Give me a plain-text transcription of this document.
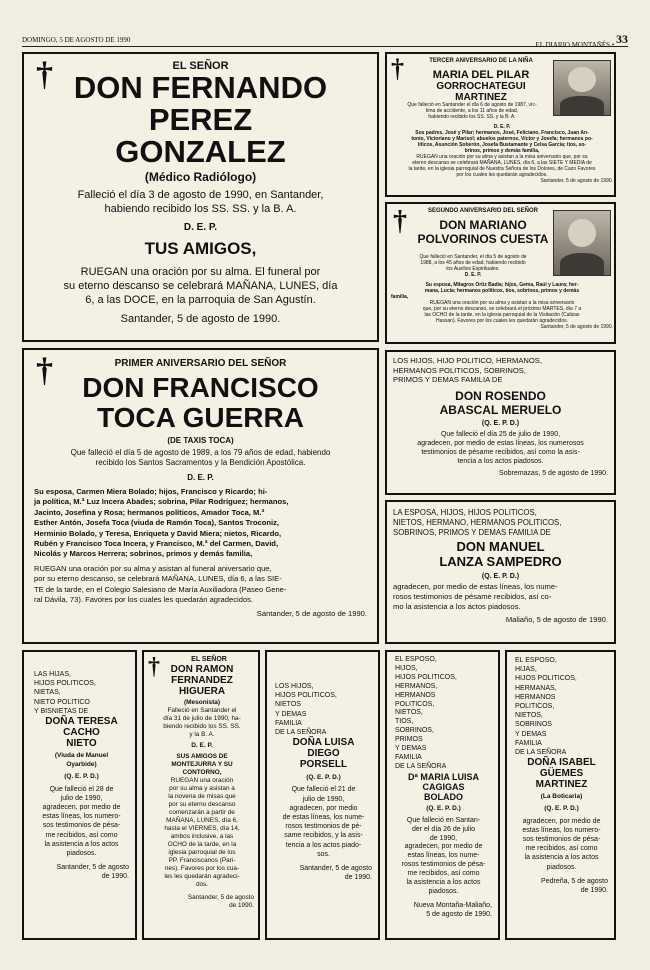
DOMINGO, 5 DE AGOSTO DE 1990
EL DIARIO MONTAÑÉS • 33
†	EL SEÑOR

DON FERNANDO

PEREZ

GONZALEZ

(Médico Radiólogo)

Falleció el día 3 de agosto de 1990, en Santander,

habiendo recibido los SS. SS. y la B. A.

D. E. P.

TUS AMIGOS,

RUEGAN una oración por su alma. El funeral por

su eterno descanso se celebrará MAÑANA, LUNES, día

6, a las DOCE, en la parroquia de San Agustín.

Santander, 5 de agosto de 1990.

†	TERCER ANIVERSARIO DE LA NIÑA

MARIA DEL PILAR

GORROCHATEGUI MARTINEZ

Que falleció en Santander el día 6 de agosto de 1987, víc-

tima de accidente, a los 11 años de edad,

habiendo recibido los SS. SS. y la B. A.

D. E. P.

Sus padres, José y Pilar; hermanos, José, Feliciano, Francisco, Juan An-

tonio, Victoriano y Marisol; abuelos paternos, Víctor y Josefa; hermanos po-

líticos, Asunción Soberón, Josefa Bustamante y Celsa García; tíos, so-

brinos, primos y demás familia,

RUEGAN una oración por su alma y asistan a la misa aniversario que, por su

eterno descanso se celebrará MAÑANA, LUNES, día 6, a las SIETE Y MEDIA de

la tarde, en la iglesia parroquial de Nuestra Señora de los Dolores, de Cazo Favores

por los cuales les quedarán agradecidos.

Santander, 5 de agosto de 1990.

†	SEGUNDO ANIVERSARIO DEL SEÑOR

DON MARIANO

POLVORINOS CUESTA

Que falleció en Santander, el día 5 de agosto de

1988, a los 45 años de edad, habiendo recibido

los Auxilios Espirituales.

D. E. P.

Su esposa, Milagros Ortiz Badía; hijos, Gema, Raúl y Laura; her-

mana, Lucía; hermanos políticos, tíos, sobrinos, primos y demás

familia,

RUEGAN una oración por su alma y asistan a la misa aniversario

que, por su eterno descanso, se celebrará el próximo MARTES, día 7 a

las OCHO de la tarde, en la iglesia parroquial de la Visitación (Calizas

Hassan). Favores por los cuales les quedarán agradecidos.

Santander, 5 de agosto de 1990.

†	PRIMER ANIVERSARIO DEL SEÑOR

DON FRANCISCO

TOCA GUERRA

(DE TAXIS TOCA)

Que falleció el día 5 de agosto de 1989, a los 79 años de edad, habiendo

recibido los Santos Sacramentos y la Bendición Apostólica.

D. E. P.

Su esposa, Carmen Miera Bolado; hijos, Francisco y Ricardo; hi-

ja política, M.ª Luz Incera Abades; sobrina, Pilar Rodríguez; hermanos,

Jacinto, Josefina y Rosa; hermanos políticos, Amador Toca, M.ª

Esther Antón, Josefa Toca (viuda de Ramón Toca), Santos Troconiz,

Herminio Bolado, y Teresa, Enriqueta y David Miera; nietos, Ricardo,

Rubén y Francisco Toca Incera, y Francisco, M.ª del Carmen, David,

Nicolás y Marcos Herrera; sobrinos, primos y demás familia,

RUEGAN una oración por su alma y asistan al funeral aniversario que,

por su eterno descanso, se celebrará MAÑANA, LUNES, día 6, a las SIE-

TE de la tarde, en el Colegio Salesiano de María Auxiliadora (Paseo Gene-

ral Dávila, 73). Favores por los cuales les quedarán agradecidos.

Santander, 5 de agosto de 1990.

LOS HIJOS, HIJO POLITICO, HERMANOS,

HERMANOS POLITICOS, SOBRINOS,

PRIMOS Y DEMAS FAMILIA DE

DON ROSENDO

ABASCAL MERUELO

(Q. E. P. D.)

Que falleció el día 25 de julio de 1990,

agradecen, por medio de estas líneas, los numerosos

testimonios de pésame recibidos, así como la asis-

tencia a los actos piadosos.

Sobremazas, 5 de agosto de 1990.

LA ESPOSA, HIJOS, HIJOS POLITICOS,

NIETOS, HERMANO, HERMANOS POLITICOS,

SOBRINOS, PRIMOS Y DEMAS FAMILIA DE

DON MANUEL

LANZA SAMPEDRO

(Q. E. P. D.)

agradecen, por medio de estas líneas, los nume-

rosos testimonios de pésame recibidos, así co-

mo la asistencia a los actos piadosos.

Maliaño, 5 de agosto de 1990.

LAS HIJAS,

HIJOS POLITICOS,

NIETAS,

NIETO POLITICO

Y BISNIETAS DE

DOÑA TERESA

CACHO

NIETO

(Viuda de Manuel

Oyarbide)

(Q. E. P. D.)

Que falleció el 28 de

julio de 1990,

agradecen, por medio de

estas líneas, los numero-

sos testimonios de pésa-

me recibidos, así como

la asistencia a los actos

piadosos.

Santander, 5 de agosto

de 1990.

†	EL SEÑOR

DON RAMON

FERNANDEZ

HIGUERA

(Mesonista)

Falleció en Santander el

día 31 de julio de 1990, ha-

biendo recibido los SS. SS.

y la B. A.

D. E. P.

SUS AMIGOS DE

MONTEJURRA Y SU

CONTORNO,

RUEGAN una oración

por su alma y asistan a

la novena de misas que

por su eterno descanso

comenzarán a partir de

MAÑANA, LUNES, día 6,

hasta el VIERNES, día 14,

ambos inclusive, a las

OCHO de la tarde, en la

iglesia parroquial de los

PP. Franciscanos (Pari-

nes). Favores por los cua-

les les quedarán agradeci-

dos.

Santander, 5 de agosto

de 1990.

LOS HIJOS,

HIJOS POLITICOS,

NIETOS

Y DEMAS

FAMILIA

DE LA SEÑORA

DOÑA LUISA

DIEGO

PORSELL

(Q. E. P. D.)

Que falleció el 21 de

julio de 1990,

agradecen, por medio

de estas líneas, los nume-

rosos testimonios de pé-

same recibidos, y la asis-

tencia a los actos piado-

sos.

Santander, 5 de agosto

de 1990.

EL ESPOSO,

HIJOS,

HIJOS POLITICOS,

HERMANOS,

HERMANOS

POLITICOS,

NIETOS,

TIOS,

SOBRINOS,

PRIMOS

Y DEMAS

FAMILIA

DE LA SEÑORA

Dª MARIA LUISA

CAGIGAS

BOLADO

(Q. E. P. D.)

Que falleció en Santan-

der el día 26 de julio

de 1990,

agradecen, por medio de

estas líneas, los nume-

rosos testimonios de pésa-

me recibidos, así como

la asistencia a los actos

piadosos.

Nueva Montaña-Maliaño,

5 de agosto de 1990.

EL ESPOSO,

HIJAS,

HIJOS POLITICOS,

HERMANAS,

HERMANOS

POLITICOS,

NIETOS,

SOBRINOS

Y DEMAS

FAMILIA

DE LA SEÑORA

DOÑA ISABEL

GÜEMES

MARTINEZ

(La Boticaria)

(Q. E. P. D.)

agradecen, por medio de

estas líneas, los numero-

sos testimonios de pésa-

me recibidos, así como

la asistencia a los actos

piadosos.

Pedreña, 5 de agosto

de 1990.
